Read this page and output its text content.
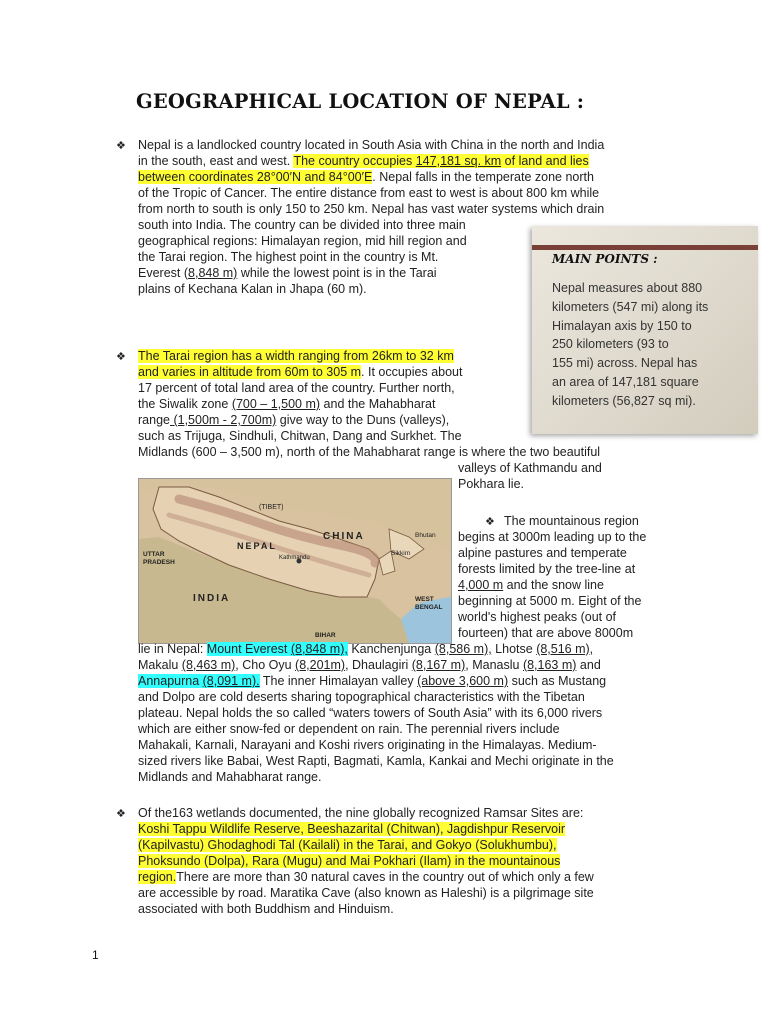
GEOGRAPHICAL LOCATION OF NEPAL :
❖ Nepal is a landlocked country located in South Asia with China in the north and India
in the south, east and west. The country occupies 147,181 sq. km of land and lies
between coordinates 28°00′N and 84°00′E. Nepal falls in the temperate zone north
of the Tropic of Cancer. The entire distance from east to west is about 800 km while
from north to south is only 150 to 250 km. Nepal has vast water systems which drain
south into India. The country can be divided into three main
geographical regions: Himalayan region, mid hill region and
the Tarai region. The highest point in the country is Mt.
Everest (8,848 m) while the lowest point is in the Tarai
plains of Kechana Kalan in Jhapa (60 m).
MAIN POINTS :
Nepal measures about 880
kilometers (547 mi) along its
Himalayan axis by 150 to
250 kilometers (93 to
155 mi) across. Nepal has
an area of 147,181 square
kilometers (56,827 sq mi).
❖ The Tarai region has a width ranging from 26km to 32 km
and varies in altitude from 60m to 305 m. It occupies about
17 percent of total land area of the country. Further north,
the Siwalik zone (700 – 1,500 m) and the Mahabharat
range (1,500m - 2,700m) give way to the Duns (valleys),
such as Trijuga, Sindhuli, Chitwan, Dang and Surkhet. The
Midlands (600 – 3,500 m), north of the Mahabharat range is where the two beautiful
valleys of Kathmandu and
Pokhara lie.
(TIBET)
NEPAL
CHINA
INDIA
UTTAR
PRADESH
Bhutan
Sikkim
Kathmandu
WEST
BENGAL
BIHAR
❖ The mountainous region
begins at 3000m leading up to the
alpine pastures and temperate
forests limited by the tree-line at
4,000 m and the snow line
beginning at 5000 m. Eight of the
world's highest peaks (out of
fourteen) that are above 8000m
lie in Nepal: Mount Everest (8,848 m), Kanchenjunga (8,586 m), Lhotse (8,516 m),
Makalu (8,463 m), Cho Oyu (8,201m), Dhaulagiri (8,167 m), Manaslu (8,163 m) and
Annapurna (8,091 m). The inner Himalayan valley (above 3,600 m) such as Mustang
and Dolpo are cold deserts sharing topographical characteristics with the Tibetan
plateau. Nepal holds the so called “waters towers of South Asia” with its 6,000 rivers
which are either snow-fed or dependent on rain. The perennial rivers include
Mahakali, Karnali, Narayani and Koshi rivers originating in the Himalayas. Medium-
sized rivers like Babai, West Rapti, Bagmati, Kamla, Kankai and Mechi originate in the
Midlands and Mahabharat range.
❖ Of the163 wetlands documented, the nine globally recognized Ramsar Sites are:
Koshi Tappu Wildlife Reserve, Beeshazarital (Chitwan), Jagdishpur Reservoir
(Kapilvastu) Ghodaghodi Tal (Kailali) in the Tarai, and Gokyo (Solukhumbu),
Phoksundo (Dolpa), Rara (Mugu) and Mai Pokhari (Ilam) in the mountainous
region.There are more than 30 natural caves in the country out of which only a few
are accessible by road. Maratika Cave (also known as Haleshi) is a pilgrimage site
associated with both Buddhism and Hinduism.
1
